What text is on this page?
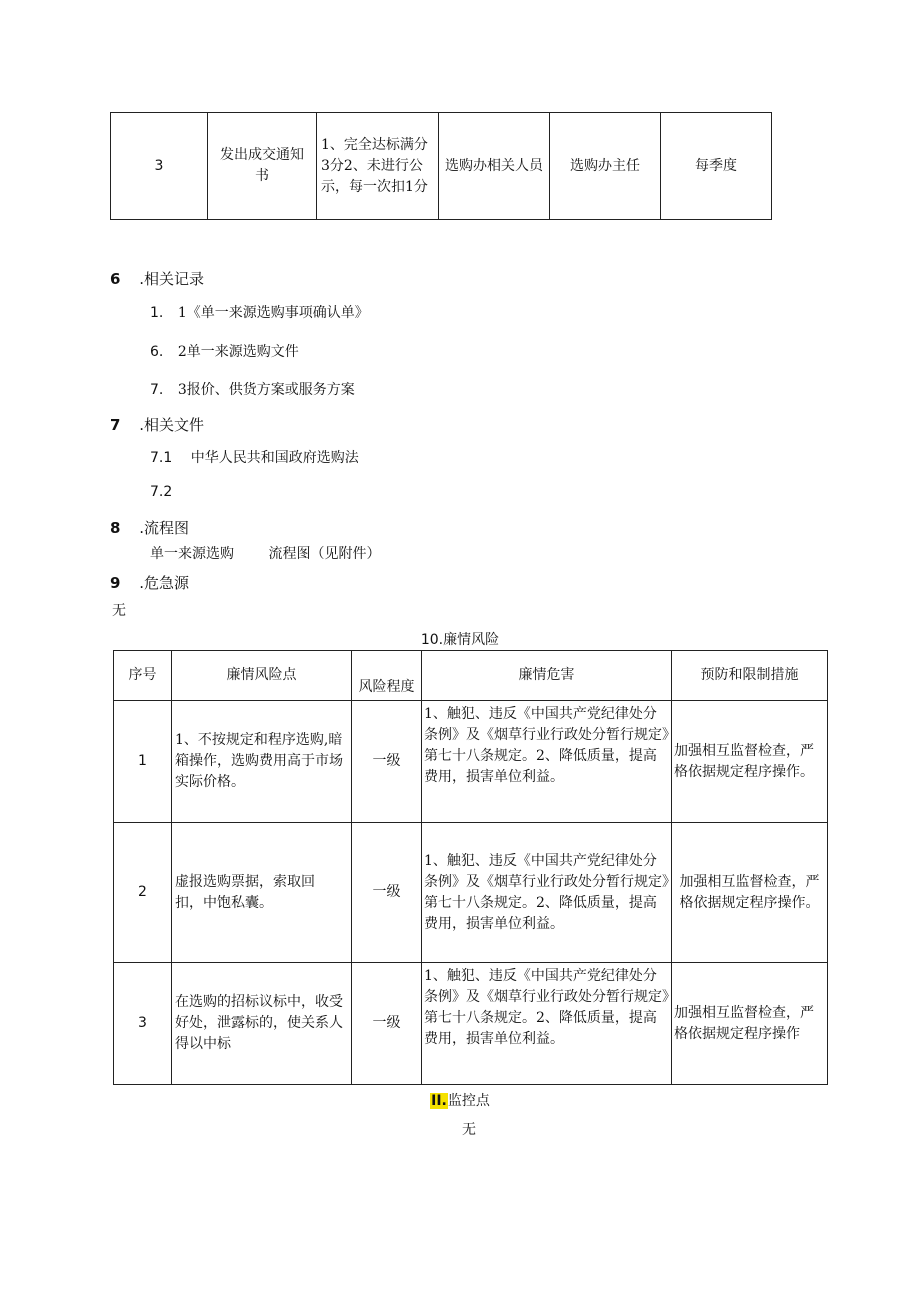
3	发出成交通知书	1、完全达标满分3分2、未进行公示，每一次扣1分	选购办相关人员	选购办主任	每季度
6 .相关记录
1. 1《单一来源选购事项确认单》
6. 2单一来源选购文件
7. 3报价、供货方案或服务方案
7 .相关文件
7.1 中华人民共和国政府选购法
7.2
8 .流程图
单一来源选购 流程图（见附件）
9 .危急源
无
10.廉情风险
序号	廉情风险点	风险程度	廉情危害	预防和限制措施
1	1、不按规定和程序选购,暗箱操作，选购费用高于市场实际价格。	一级	1、触犯、违反《中国共产党纪律处分条例》及《烟草行业行政处分暂行规定》第七十八条规定。2、降低质量，提高费用，损害单位利益。	加强相互监督检查，严格依据规定程序操作。
2	虚报选购票据，索取回扣，中饱私囊。	一级	1、触犯、违反《中国共产党纪律处分条例》及《烟草行业行政处分暂行规定》第七十八条规定。2、降低质量，提高费用，损害单位利益。	加强相互监督检查，严格依据规定程序操作。
3	在选购的招标议标中，收受好处，泄露标的，使关系人得以中标	一级	1、触犯、违反《中国共产党纪律处分条例》及《烟草行业行政处分暂行规定》第七十八条规定。2、降低质量，提高费用，损害单位利益。	加强相互监督检查，严格依据规定程序操作
II.监控点
无
